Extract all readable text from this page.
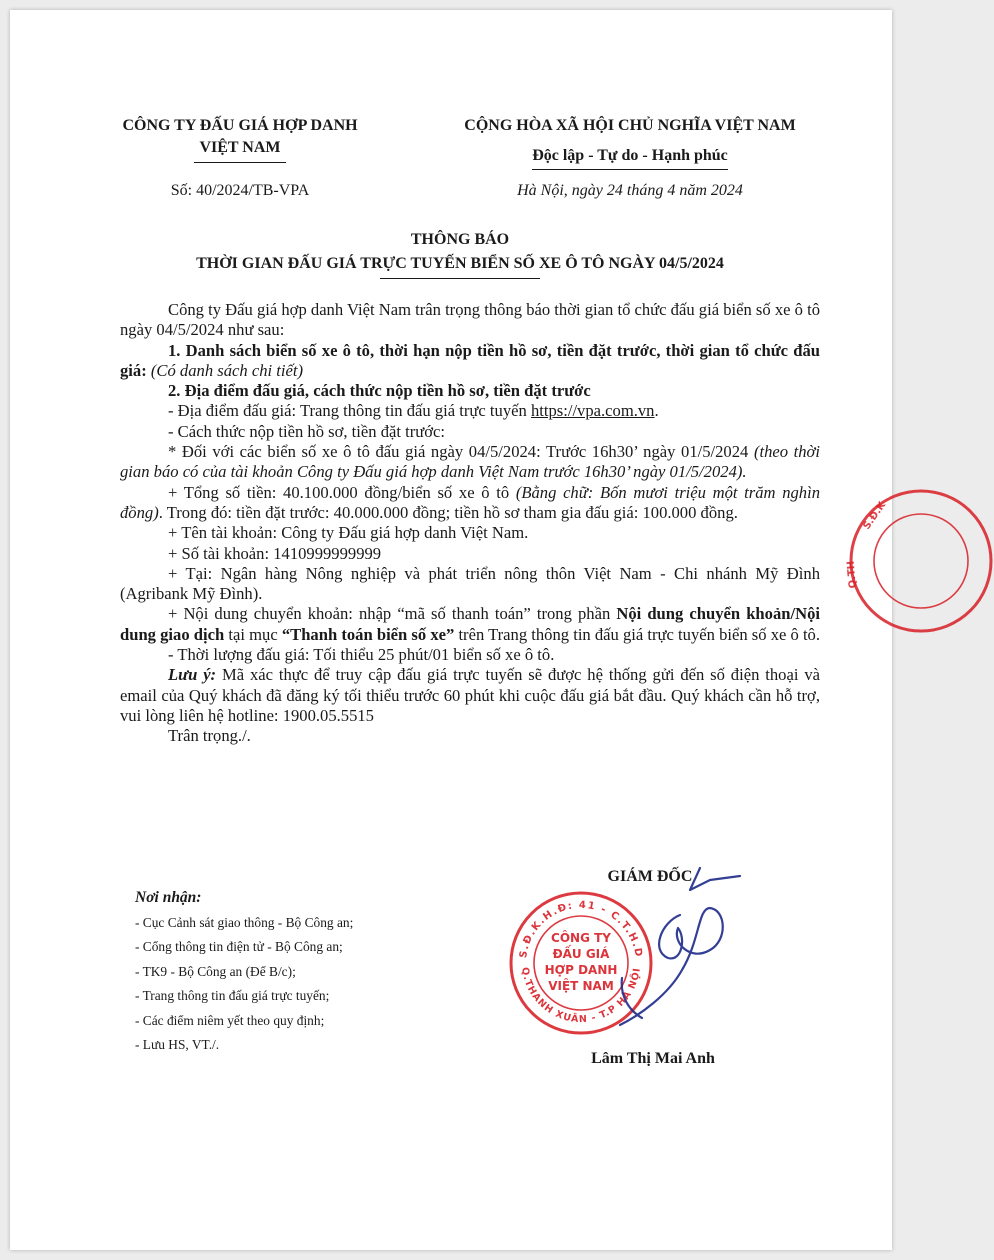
CÔNG TY ĐẤU GIÁ HỢP DANH
VIỆT NAM
CỘNG HÒA XÃ HỘI CHỦ NGHĨA VIỆT NAM
Độc lập - Tự do - Hạnh phúc
Số: 40/2024/TB-VPA	Hà Nội, ngày 24 tháng 4 năm 2024
THÔNG BÁO
THỜI GIAN ĐẤU GIÁ TRỰC TUYẾN BIỂN SỐ XE Ô TÔ NGÀY 04/5/2024

Công ty Đấu giá hợp danh Việt Nam trân trọng thông báo thời gian tổ chức đấu giá biển số xe ô tô ngày 04/5/2024 như sau:

1. Danh sách biển số xe ô tô, thời hạn nộp tiền hồ sơ, tiền đặt trước, thời gian tổ chức đấu giá: (Có danh sách chi tiết)

2. Địa điểm đấu giá, cách thức nộp tiền hồ sơ, tiền đặt trước

- Địa điểm đấu giá: Trang thông tin đấu giá trực tuyến https://vpa.com.vn.

- Cách thức nộp tiền hồ sơ, tiền đặt trước:

* Đối với các biển số xe ô tô đấu giá ngày 04/5/2024: Trước 16h30’ ngày 01/5/2024 (theo thời gian báo có của tài khoản Công ty Đấu giá hợp danh Việt Nam trước 16h30’ ngày 01/5/2024).

+ Tổng số tiền: 40.100.000 đồng/biển số xe ô tô (Bằng chữ: Bốn mươi triệu một trăm nghìn đồng). Trong đó: tiền đặt trước: 40.000.000 đồng; tiền hồ sơ tham gia đấu giá: 100.000 đồng.

+ Tên tài khoản: Công ty Đấu giá hợp danh Việt Nam.

+ Số tài khoản: 1410999999999

+ Tại: Ngân hàng Nông nghiệp và phát triển nông thôn Việt Nam - Chi nhánh Mỹ Đình (Agribank Mỹ Đình).

+ Nội dung chuyển khoản: nhập “mã số thanh toán” trong phần Nội dung chuyển khoản/Nội dung giao dịch tại mục “Thanh toán biển số xe” trên Trang thông tin đấu giá trực tuyến biển số xe ô tô.

- Thời lượng đấu giá: Tối thiểu 25 phút/01 biển số xe ô tô.

Lưu ý: Mã xác thực để truy cập đấu giá trực tuyến sẽ được hệ thống gửi đến số điện thoại và email của Quý khách đã đăng ký tối thiểu trước 60 phút khi cuộc đấu giá bắt đầu. Quý khách cần hỗ trợ, vui lòng liên hệ hotline: 1900.05.5515

Trân trọng./.

Nơi nhận:
- Cục Cảnh sát giao thông - Bộ Công an;
- Cổng thông tin điện tử - Bộ Công an;
- TK9 - Bộ Công an (Để B/c);
- Trang thông tin đấu giá trực tuyến;
- Các điểm niêm yết theo quy định;
- Lưu HS, VT./.
GIÁM ĐỐC
S.Đ.K.H.Đ: 41 - C.T.H.D
Q.THANH XUÂN - T.P HÀ NỘI
CÔNG TY
ĐẤU GIÁ
HỢP DANH
VIỆT NAM
S.Đ.K
Q.TH
Lâm Thị Mai Anh
